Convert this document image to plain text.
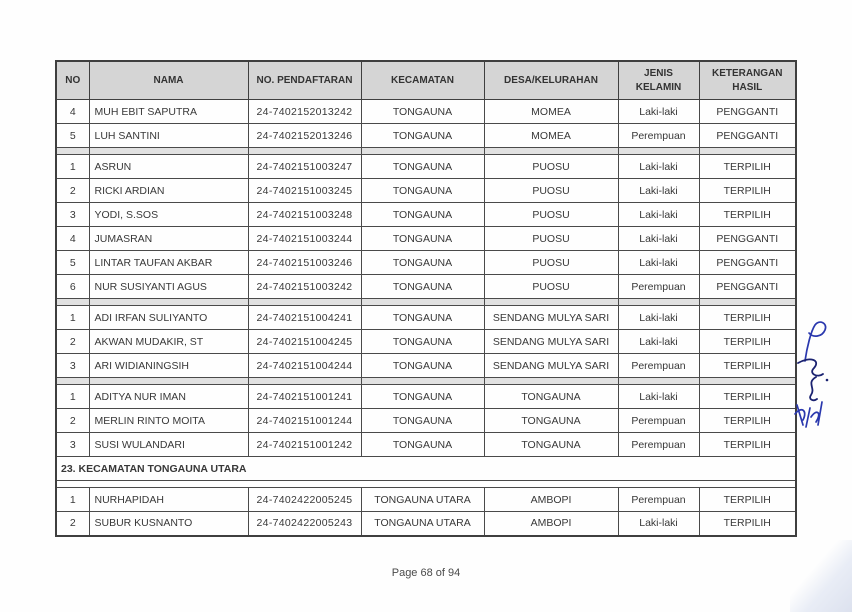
NO	NAMA	NO. PENDAFTARAN	KECAMATAN	DESA/KELURAHAN	JENIS KELAMIN	KETERANGAN HASIL
4	MUH EBIT SAPUTRA	24-7402152013242	TONGAUNA	MOMEA	Laki-laki	PENGGANTI
5	LUH SANTINI	24-7402152013246	TONGAUNA	MOMEA	Perempuan	PENGGANTI

1	ASRUN	24-7402151003247	TONGAUNA	PUOSU	Laki-laki	TERPILIH
2	RICKI ARDIAN	24-7402151003245	TONGAUNA	PUOSU	Laki-laki	TERPILIH
3	YODI, S.SOS	24-7402151003248	TONGAUNA	PUOSU	Laki-laki	TERPILIH
4	JUMASRAN	24-7402151003244	TONGAUNA	PUOSU	Laki-laki	PENGGANTI
5	LINTAR TAUFAN AKBAR	24-7402151003246	TONGAUNA	PUOSU	Laki-laki	PENGGANTI
6	NUR SUSIYANTI AGUS	24-7402151003242	TONGAUNA	PUOSU	Perempuan	PENGGANTI

1	ADI IRFAN SULIYANTO	24-7402151004241	TONGAUNA	SENDANG MULYA SARI	Laki-laki	TERPILIH
2	AKWAN MUDAKIR, ST	24-7402151004245	TONGAUNA	SENDANG MULYA SARI	Laki-laki	TERPILIH
3	ARI WIDIANINGSIH	24-7402151004244	TONGAUNA	SENDANG MULYA SARI	Perempuan	TERPILIH

1	ADITYA NUR IMAN	24-7402151001241	TONGAUNA	TONGAUNA	Laki-laki	TERPILIH
2	MERLIN RINTO MOITA	24-7402151001244	TONGAUNA	TONGAUNA	Perempuan	TERPILIH
3	SUSI WULANDARI	24-7402151001242	TONGAUNA	TONGAUNA	Perempuan	TERPILIH
23. KECAMATAN TONGAUNA UTARA						

1	NURHAPIDAH	24-7402422005245	TONGAUNA UTARA	AMBOPI	Perempuan	TERPILIH
2	SUBUR KUSNANTO	24-7402422005243	TONGAUNA UTARA	AMBOPI	Laki-laki	TERPILIH
Page 68 of 94
